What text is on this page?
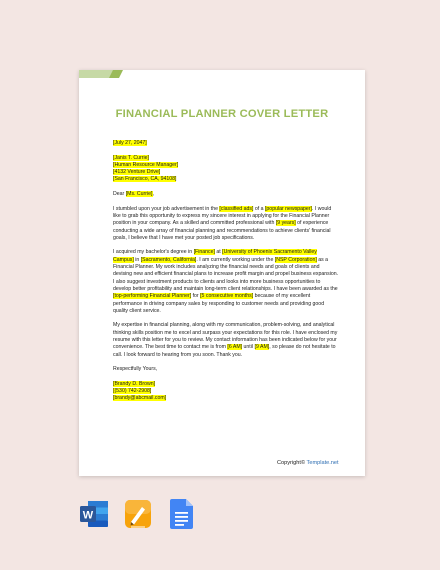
FINANCIAL PLANNER COVER LETTER

[July 27, 2047]

[Janis T. Currie]

[Human Resource Manager]

[4132 Venture Drive]

[San Francisco, CA, 94108]

Dear [Ms. Currie],

I stumbled upon your job advertisement in the [classified ads] of a [popular newspaper]. I would like to grab this opportunity to express my sincere interest in applying for the Financial Planner position in your company. As a skilled and committed professional with [9 years] of experience conducting a wide array of financial planning and recommendations to achieve clients' financial goals, I believe that I have met your posted job specifications.

I acquired my bachelor's degree in [Finance] at [University of Phoenix Sacramento Valley Campus] in [Sacramento, California]. I am currently working under the [NSP Corporation] as a Financial Planner. My work includes analyzing the financial needs and goals of clients and devising new and efficient financial plans to increase profit margin and propel business expansion. I also suggest investment products to clients and looks into more business opportunities to develop better profitability and maintain long-term client relationships. I have been awarded as the [top-performing Financial Planner] for [5 consecutive months] because of my excellent performance in driving company sales by responding to customer needs and providing good quality client service.

My expertise in financial planning, along with my communication, problem-solving, and analytical thinking skills position me to excel and surpass your expectations for this role. I have enclosed my resume with this letter for you to review. My contact information has been indicated below for your convenience. The best time to contact me is from [6 AM] until [9 AM], so please do not hesitate to call. I look forward to hearing from you soon. Thank you.

Respectfully Yours,

[Brandy D. Brown]

[(530) 742-2908]

[brandy@abcmail.com]

Copyright© Template.net
W
